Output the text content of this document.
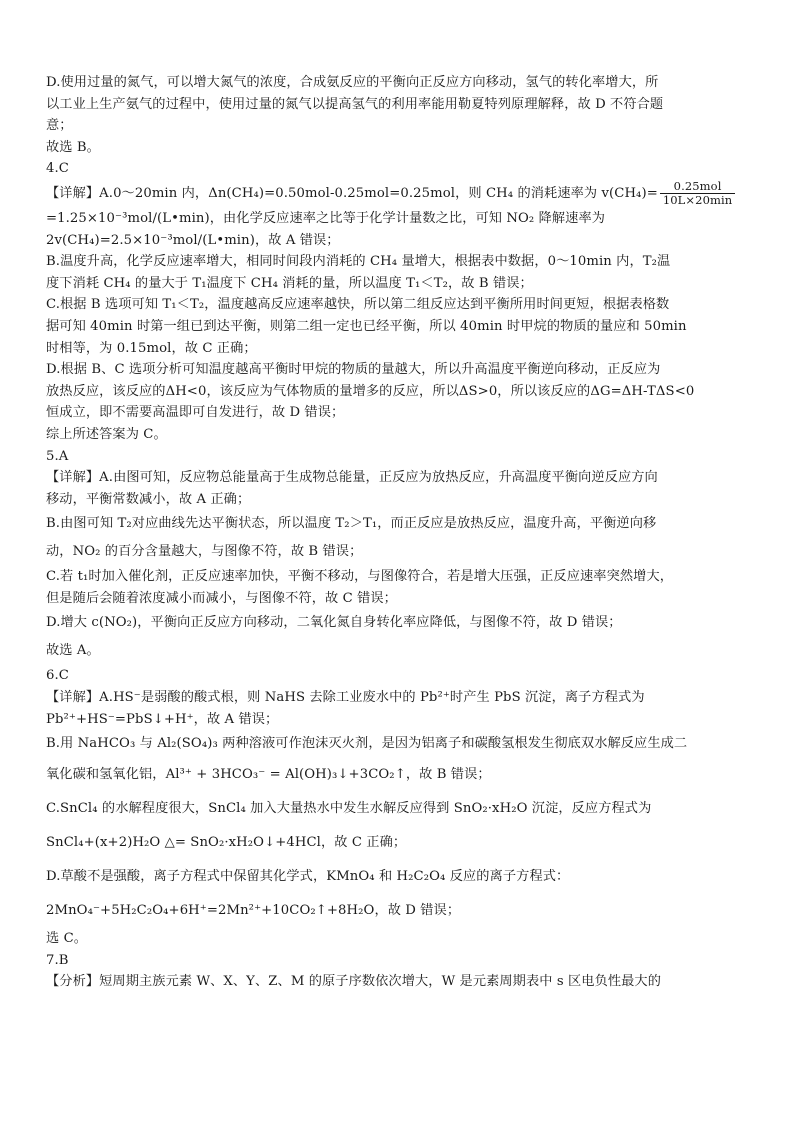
D.使用过量的氮气，可以增大氮气的浓度，合成氨反应的平衡向正反应方向移动，氢气的转化率增大，所
以工业上生产氨气的过程中，使用过量的氮气以提高氢气的利用率能用勒夏特列原理解释，故 D 不符合题
意；
故选 B。
4.C
【详解】A.0～20min 内，Δn(CH₄)=0.50mol-0.25mol=0.25mol，则 CH₄ 的消耗速率为 $v(CH_4)= \frac{\text{0.25mol}}{10L\times 20\min}$
=1.25×10⁻³mol/(L•min)，由化学反应速率之比等于化学计量数之比，可知 NO₂ 降解速率为
2v(CH₄)=2.5×10⁻³mol/(L•min)，故 A 错误；
B.温度升高，化学反应速率增大，相同时间段内消耗的 CH₄ 量增大，根据表中数据，0～10min 内，T₂温
度下消耗 CH₄ 的量大于 T₁温度下 CH₄ 消耗的量，所以温度 T₁＜T₂，故 B 错误；
C.根据 B 选项可知 T₁＜T₂，温度越高反应速率越快，所以第二组反应达到平衡所用时间更短，根据表格数
据可知 40min 时第一组已到达平衡，则第二组一定也已经平衡，所以 40min 时甲烷的物质的量应和 50min
时相等，为 0.15mol，故 C 正确；
D.根据 B、C 选项分析可知温度越高平衡时甲烷的物质的量越大，所以升高温度平衡逆向移动，正反应为
放热反应，该反应的ΔH<0，该反应为气体物质的量增多的反应，所以ΔS>0，所以该反应的ΔG=ΔH-TΔS<0
恒成立，即不需要高温即可自发进行，故 D 错误；
综上所述答案为 C。
5.A
【详解】A.由图可知，反应物总能量高于生成物总能量，正反应为放热反应，升高温度平衡向逆反应方向
移动，平衡常数减小，故 A 正确；
B.由图可知 T₂对应曲线先达平衡状态，所以温度 T₂＞T₁，而正反应是放热反应，温度升高，平衡逆向移
动，NO₂ 的百分含量越大，与图像不符，故 B 错误；
C.若 t₁时加入催化剂，正反应速率加快，平衡不移动，与图像符合，若是增大压强，正反应速率突然增大，
但是随后会随着浓度减小而减小，与图像不符，故 C 错误；
D.增大 c(NO₂)，平衡向正反应方向移动，二氧化氮自身转化率应降低，与图像不符，故 D 错误；
故选 A。
6.C
【详解】A.HS⁻是弱酸的酸式根，则 NaHS 去除工业废水中的 Pb²⁺时产生 PbS 沉淀，离子方程式为
Pb²⁺+HS⁻=PbS↓+H⁺，故 A 错误；
B.用 NaHCO₃ 与 Al₂(SO₄)₃ 两种溶液可作泡沫灭火剂，是因为铝离子和碳酸氢根发生彻底双水解反应生成二
氧化碳和氢氧化铝，Al³⁺ + 3HCO₃⁻ = Al(OH)₃↓+3CO₂↑，故 B 错误；
C.SnCl₄ 的水解程度很大，SnCl₄ 加入大量热水中发生水解反应得到 SnO₂·xH₂O 沉淀，反应方程式为
SnCl₄+(x+2)H₂O △= SnO₂·xH₂O↓+4HCl，故 C 正确；
D.草酸不是强酸，离子方程式中保留其化学式，KMnO₄ 和 H₂C₂O₄ 反应的离子方程式：
2MnO₄⁻+5H₂C₂O₄+6H⁺=2Mn²⁺+10CO₂↑+8H₂O，故 D 错误；
选 C。
7.B
【分析】短周期主族元素 W、X、Y、Z、M 的原子序数依次增大，W 是元素周期表中 s 区电负性最大的
